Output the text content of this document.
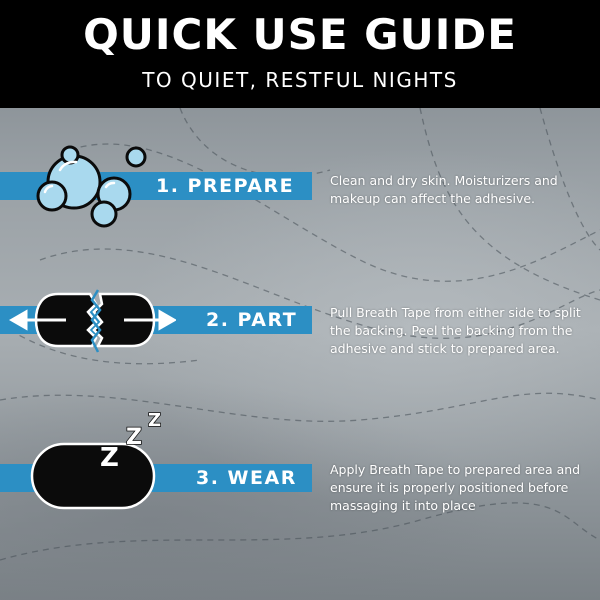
QUICK USE GUIDE
TO QUIET, RESTFUL NIGHTS
1. PREPARE	Clean and dry skin. Moisturizers and makeup can affect the adhesive.
2. PART	Pull Breath Tape from either side to split the backing. Peel the backing from the adhesive and stick to prepared area.
3. WEAR
Z
Z
Z
Apply Breath Tape to prepared area and ensure it is properly positioned before massaging it into place
